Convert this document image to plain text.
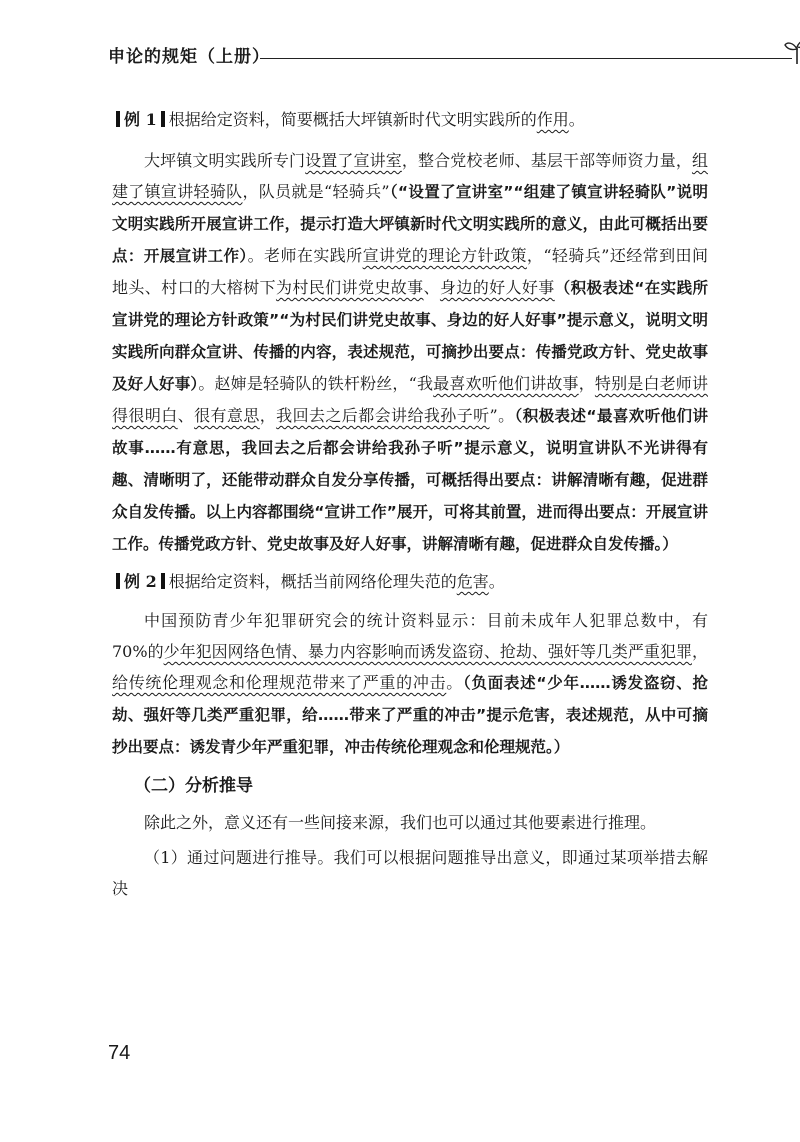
申论的规矩（上册）

例 1 根据给定资料，简要概括大坪镇新时代文明实践所的作用。

大坪镇文明实践所专门设置了宣讲室，整合党校老师、基层干部等师资力量，组建了镇宣讲轻骑队，队员就是“轻骑兵”（“设置了宣讲室”“组建了镇宣讲轻骑队”说明文明实践所开展宣讲工作，提示打造大坪镇新时代文明实践所的意义，由此可概括出要点：开展宣讲工作）。老师在实践所宣讲党的理论方针政策，“轻骑兵”还经常到田间地头、村口的大榕树下为村民们讲党史故事、身边的好人好事（积极表述“在实践所宣讲党的理论方针政策”“为村民们讲党史故事、身边的好人好事”提示意义，说明文明实践所向群众宣讲、传播的内容，表述规范，可摘抄出要点：传播党政方针、党史故事及好人好事）。赵婶是轻骑队的铁杆粉丝，“我最喜欢听他们讲故事，特别是白老师讲得很明白、很有意思，我回去之后都会讲给我孙子听”。（积极表述“最喜欢听他们讲故事……有意思，我回去之后都会讲给我孙子听”提示意义，说明宣讲队不光讲得有趣、清晰明了，还能带动群众自发分享传播，可概括得出要点：讲解清晰有趣，促进群众自发传播。以上内容都围绕“宣讲工作”展开，可将其前置，进而得出要点：开展宣讲工作。传播党政方针、党史故事及好人好事，讲解清晰有趣，促进群众自发传播。）

例 2 根据给定资料，概括当前网络伦理失范的危害。

中国预防青少年犯罪研究会的统计资料显示：目前未成年人犯罪总数中，有 70%的少年犯因网络色情、暴力内容影响而诱发盗窃、抢劫、强奸等几类严重犯罪，给传统伦理观念和伦理规范带来了严重的冲击。（负面表述“少年……诱发盗窃、抢劫、强奸等几类严重犯罪，给……带来了严重的冲击”提示危害，表述规范，从中可摘抄出要点：诱发青少年严重犯罪，冲击传统伦理观念和伦理规范。）

（二）分析推导

除此之外，意义还有一些间接来源，我们也可以通过其他要素进行推理。

（1）通过问题进行推导。我们可以根据问题推导出意义，即通过某项举措去解决

74
